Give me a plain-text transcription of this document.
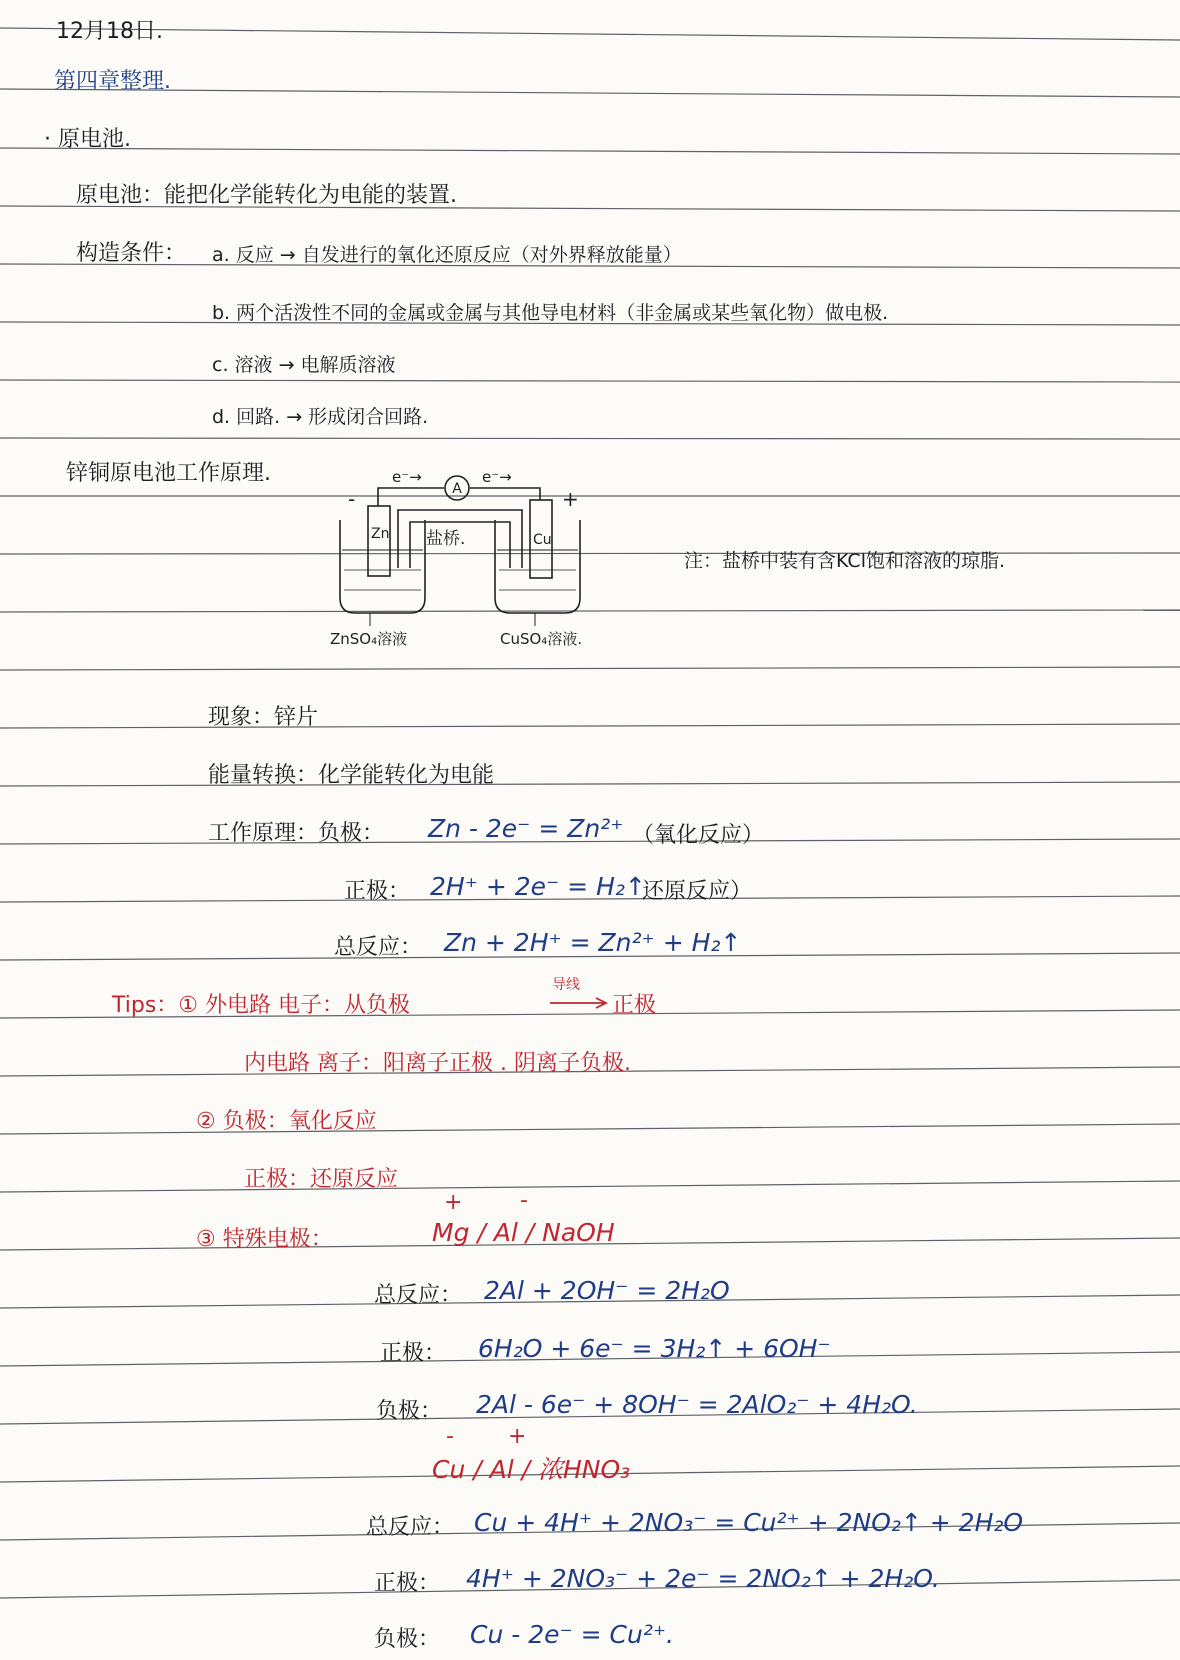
12月18日.
第四章整理.
· 原电池.
原电池：能把化学能转化为电能的装置.
构造条件： a. 反应 → 自发进行的氧化还原反应（对外界释放能量）
b. 两个活泼性不同的金属或金属与其他导电材料（非金属或某些氧化物）做电极.
c. 溶液 → 电解质溶液
d. 回路. → 形成闭合回路.
锌铜原电池工作原理.
A
e⁻→	e⁻→
-	+
Zn 盐桥.	Cu
ZnSO₄溶液	CuSO₄溶液.
注：盐桥中装有含KCl饱和溶液的琼脂.
现象：锌片
能量转换：化学能转化为电能
工作原理：负极： Zn - 2e⁻ = Zn²⁺ （氧化反应）
正极： 2H⁺ + 2e⁻ = H₂↑
还原反应）
总反应： Zn + 2H⁺ = Zn²⁺ + H₂↑
Tips：① 外电路 电子：从负极
导线
正极
内电路 离子：阳离子正极 . 阴离子负极.
② 负极：氧化反应
正极：还原反应
③ 特殊电极：
+	-
Mg / Al / NaOH
总反应： 2Al + 2OH⁻ = 2H₂O
正极： 6H₂O + 6e⁻ = 3H₂↑ + 6OH⁻
负极： 2Al - 6e⁻ + 8OH⁻ = 2AlO₂⁻ + 4H₂O.
- +
Cu / Al / 浓HNO₃
总反应： Cu + 4H⁺ + 2NO₃⁻ = Cu²⁺ + 2NO₂↑ + 2H₂O
正极： 4H⁺ + 2NO₃⁻ + 2e⁻ = 2NO₂↑ + 2H₂O.
负极： Cu - 2e⁻ = Cu²⁺.
